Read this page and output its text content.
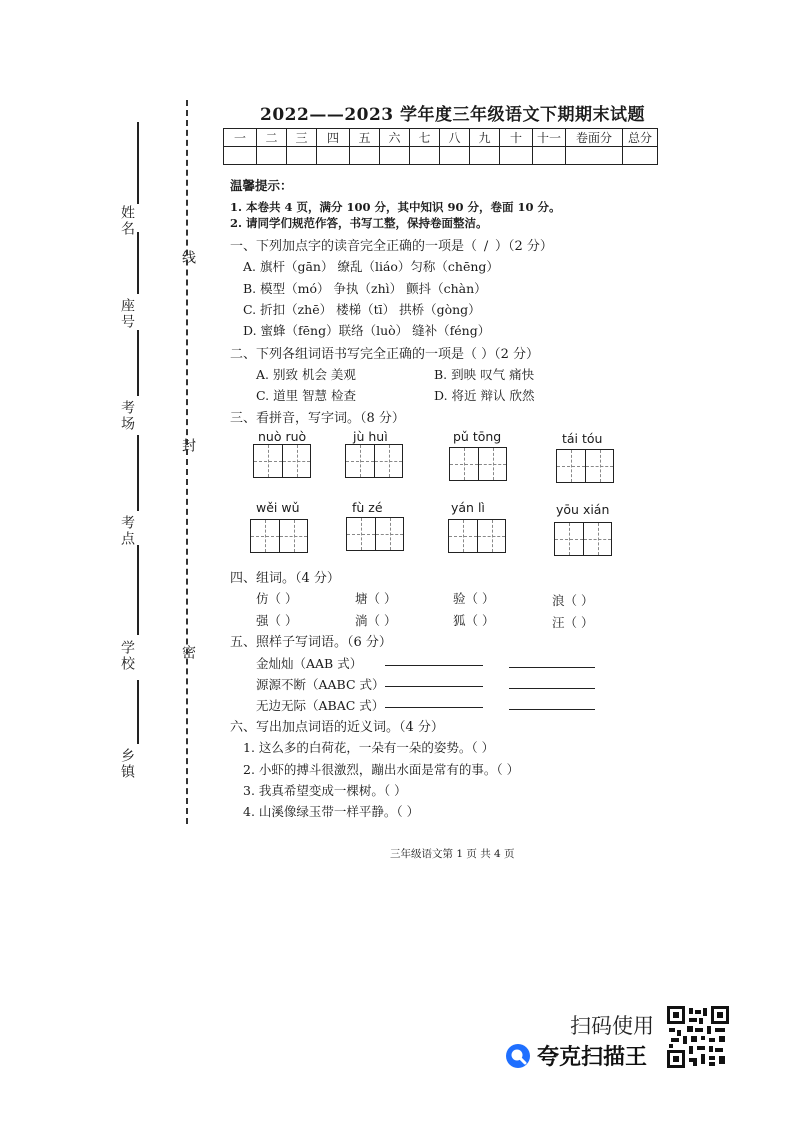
姓名
座号
考场
考点
学校
乡镇
线
封
密
2022——2023 学年度三年级语文下期期末试题
一	二	三	四	五	六	七	八	九	十	十一	卷面分	总分

温馨提示：
1. 本卷共 4 页，满分 100 分，其中知识 90 分，卷面 10 分。
2. 请同学们规范作答，书写工整，保持卷面整洁。
一、下列加点字的读音完全正确的一项是（ / ）（2 分）
A. 旗杆（gān） 缭乱（liáo）匀称（chēng）
B. 模型（mó） 争执（zhì） 颤抖（chàn）
C. 折扣（zhē） 楼梯（tī） 拱桥（gòng）
D. 蜜蜂（fēng）联络（luò） 缝补（féng）
二、下列各组词语书写完全正确的一项是（ ）（2 分）
A. 别致 机会 美观	B. 到映 叹气 痛快
C. 道里 智慧 检查	D. 将近 辩认 欣然
三、看拼音，写字词。（8 分）
nuò ruò	jù huì	pǔ tōng	tái tóu
wěi wǔ	fù zé	yán lì	yōu xián
四、组词。（4 分）
仿（ ）	塘（ ）	验（ ）	浪（ ）
强（ ）	淌（ ）	狐（ ）	汪（ ）
五、照样子写词语。（6 分）
金灿灿（AAB 式）
源源不断（AABC 式）
无边无际（ABAC 式）
六、写出加点词语的近义词。（4 分）
1. 这么多的白荷花，一朵有一朵的姿势。（ ）
2. 小虾的搏斗很激烈，蹦出水面是常有的事。（ ）
3. 我真希望变成一棵树。（ ）
4. 山溪像绿玉带一样平静。（ ）
三年级语文第 1 页 共 4 页
扫码使用
夸克扫描王
